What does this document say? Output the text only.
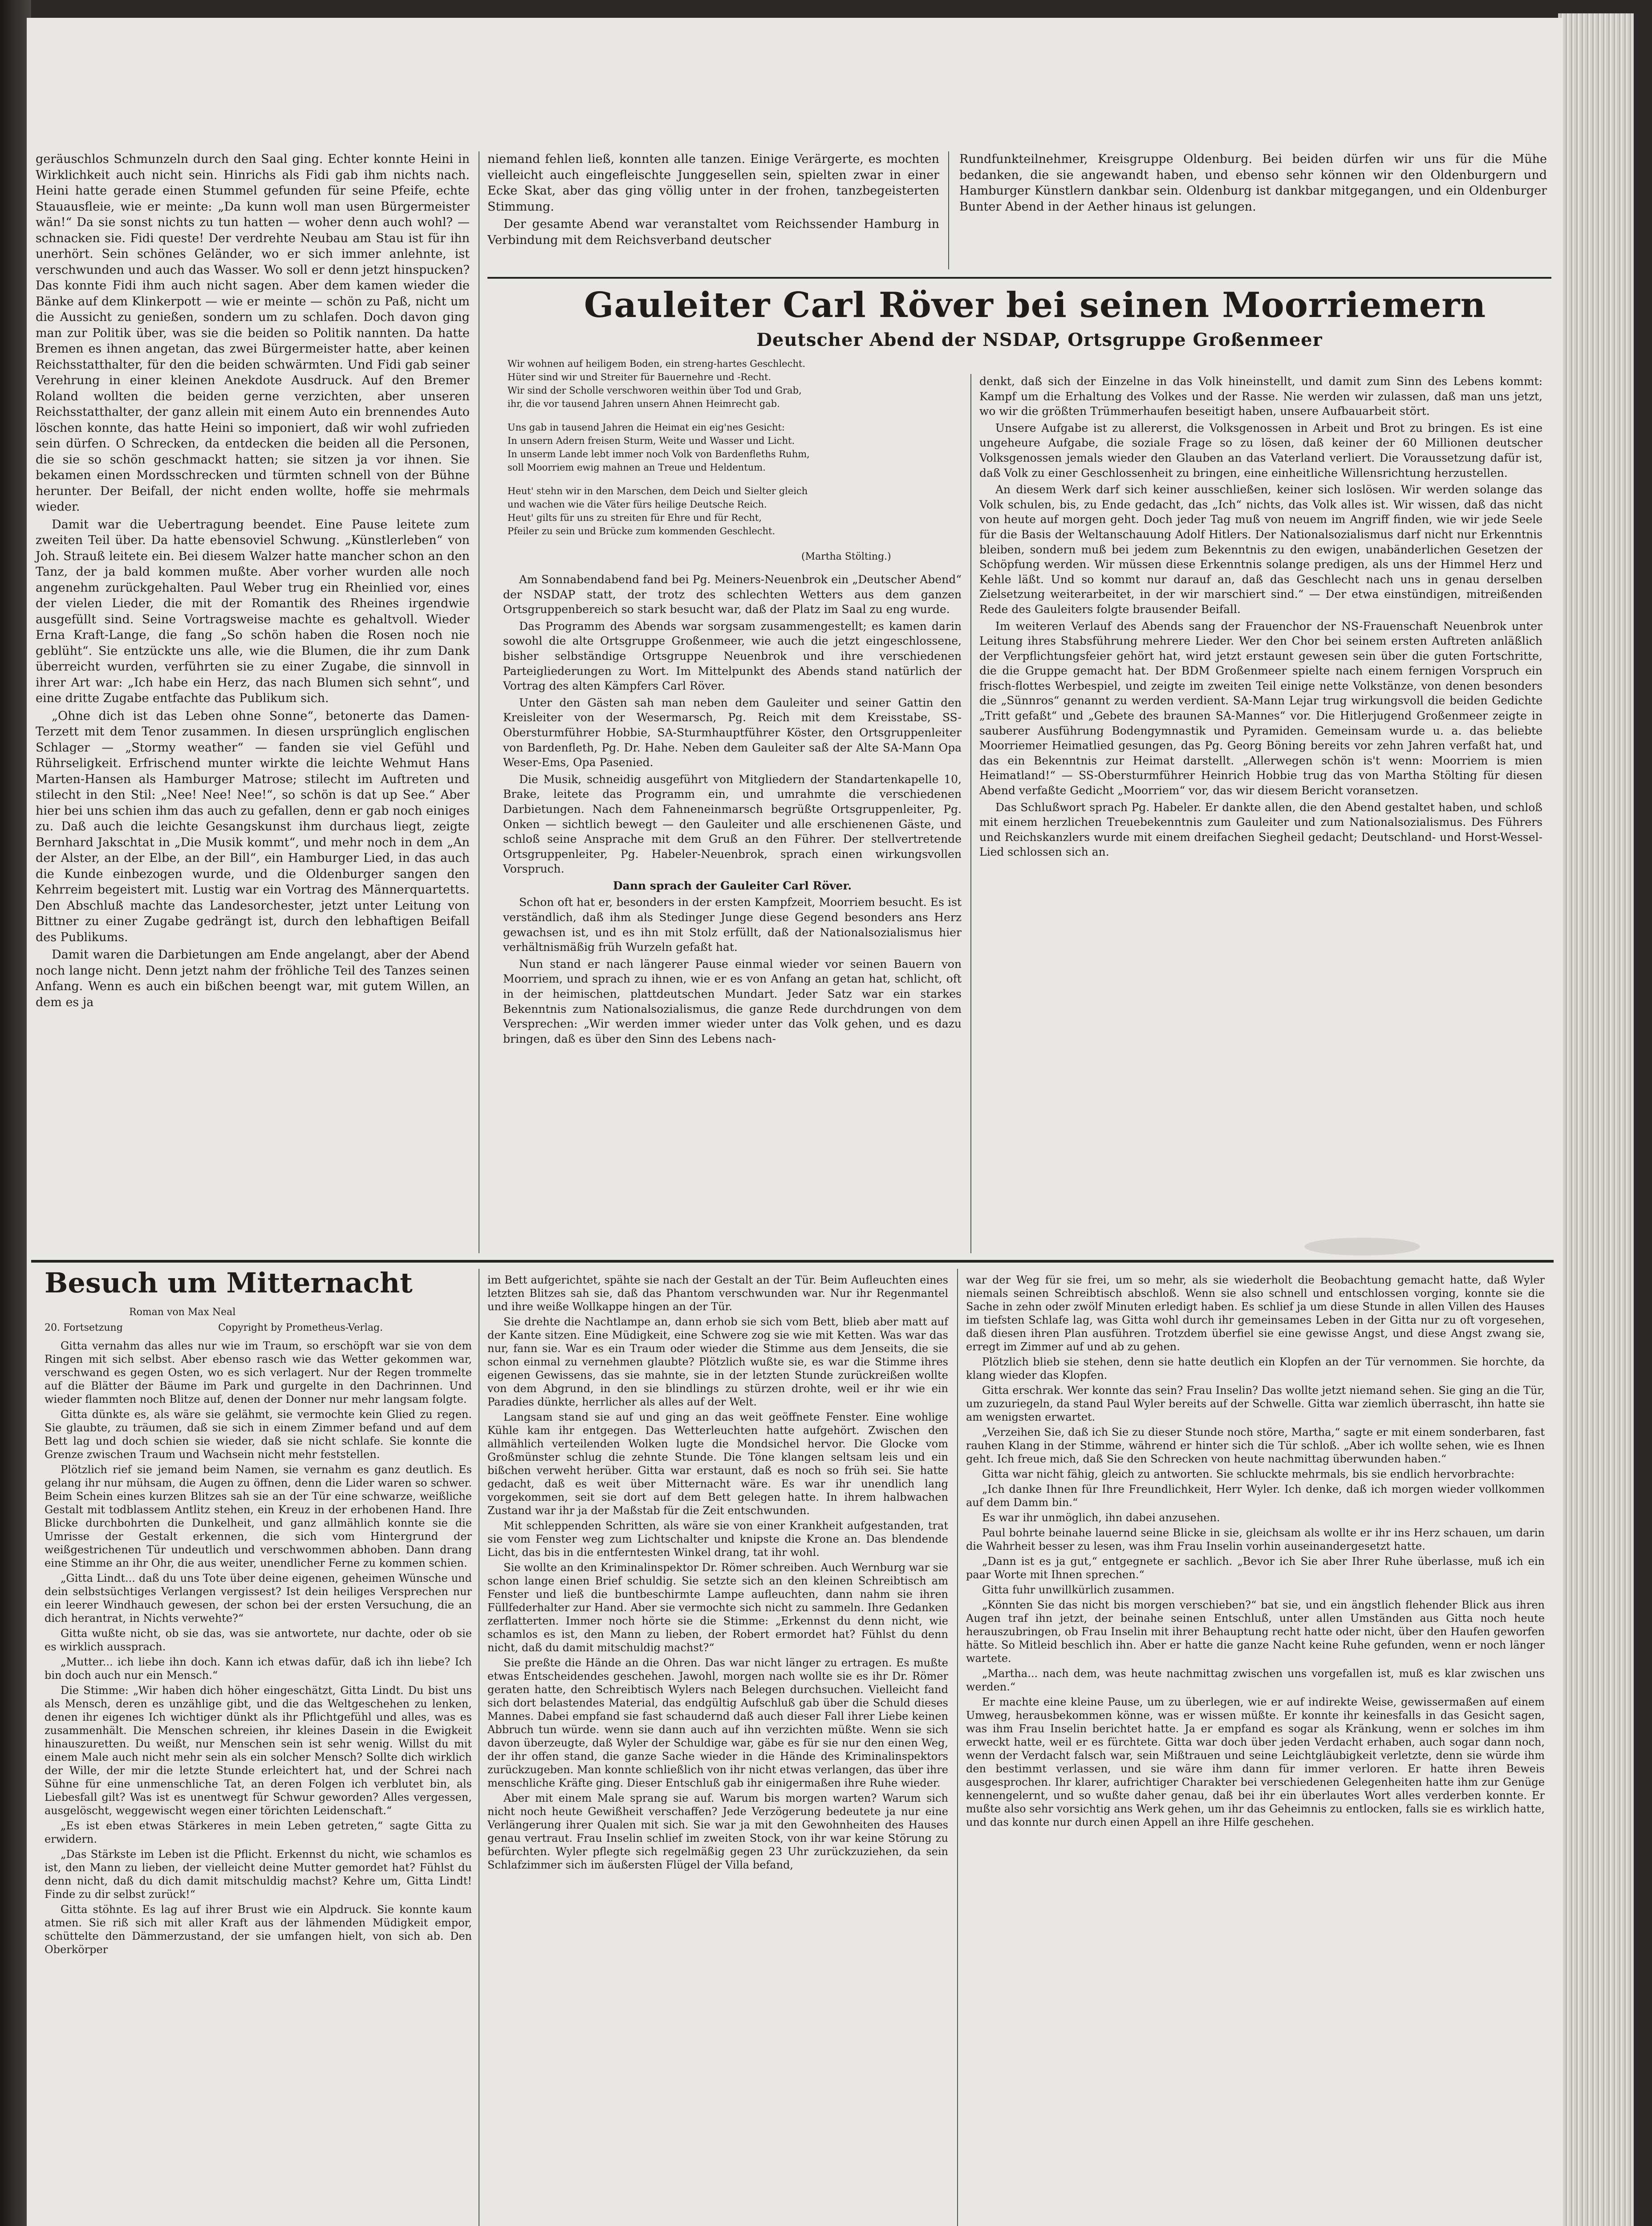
geräuschlos Schmunzeln durch den Saal ging. Echter konnte Heini in Wirklichkeit auch nicht sein. Hinrichs als Fidi gab ihm nichts nach. Heini hatte gerade einen Stummel gefunden für seine Pfeife, echte Stauausfleie, wie er meinte: „Da kunn woll man usen Bürgermeister wän!“ Da sie sonst nichts zu tun hatten — woher denn auch wohl? — schnacken sie. Fidi queste! Der verdrehte Neubau am Stau ist für ihn unerhört. Sein schönes Geländer, wo er sich immer anlehnte, ist verschwunden und auch das Wasser. Wo soll er denn jetzt hinspucken? Das konnte Fidi ihm auch nicht sagen. Aber dem kamen wieder die Bänke auf dem Klinkerpott — wie er meinte — schön zu Paß, nicht um die Aussicht zu genießen, sondern um zu schlafen. Doch davon ging man zur Politik über, was sie die beiden so Politik nannten. Da hatte Bremen es ihnen angetan, das zwei Bürgermeister hatte, aber keinen Reichsstatthalter, für den die beiden schwärmten. Und Fidi gab seiner Verehrung in einer kleinen Anekdote Ausdruck. Auf den Bremer Roland wollten die beiden gerne verzichten, aber unseren Reichsstatthalter, der ganz allein mit einem Auto ein brennendes Auto löschen konnte, das hatte Heini so imponiert, daß wir wohl zufrieden sein dürfen. O Schrecken, da entdecken die beiden all die Personen, die sie so schön geschmackt hatten; sie sitzen ja vor ihnen. Sie bekamen einen Mordsschrecken und türmten schnell von der Bühne herunter. Der Beifall, der nicht enden wollte, hoffe sie mehrmals wieder.

Damit war die Uebertragung beendet. Eine Pause leitete zum zweiten Teil über. Da hatte ebensoviel Schwung. „Künstlerleben“ von Joh. Strauß leitete ein. Bei diesem Walzer hatte mancher schon an den Tanz, der ja bald kommen mußte. Aber vorher wurden alle noch angenehm zurückgehalten. Paul Weber trug ein Rheinlied vor, eines der vielen Lieder, die mit der Romantik des Rheines irgendwie ausgefüllt sind. Seine Vortragsweise machte es gehaltvoll. Wieder Erna Kraft-Lange, die fang „So schön haben die Rosen noch nie geblüht“. Sie entzückte uns alle, wie die Blumen, die ihr zum Dank überreicht wurden, verführten sie zu einer Zugabe, die sinnvoll in ihrer Art war: „Ich habe ein Herz, das nach Blumen sich sehnt“, und eine dritte Zugabe entfachte das Publikum sich.

„Ohne dich ist das Leben ohne Sonne“, betonerte das Damen-Terzett mit dem Tenor zusammen. In diesen ursprünglich englischen Schlager — „Stormy weather“ — fanden sie viel Gefühl und Rührseligkeit. Erfrischend munter wirkte die leichte Wehmut Hans Marten-Hansen als Hamburger Matrose; stilecht im Auftreten und stilecht in den Stil: „Nee! Nee! Nee!“, so schön is dat up See.“ Aber hier bei uns schien ihm das auch zu gefallen, denn er gab noch einiges zu. Daß auch die leichte Gesangskunst ihm durchaus liegt, zeigte Bernhard Jakschtat in „Die Musik kommt“, und mehr noch in dem „An der Alster, an der Elbe, an der Bill“, ein Hamburger Lied, in das auch die Kunde einbezogen wurde, und die Oldenburger sangen den Kehrreim begeistert mit. Lustig war ein Vortrag des Männerquartetts. Den Abschluß machte das Landesorchester, jetzt unter Leitung von Bittner zu einer Zugabe gedrängt ist, durch den lebhaftigen Beifall des Publikums.

Damit waren die Darbietungen am Ende angelangt, aber der Abend noch lange nicht. Denn jetzt nahm der fröhliche Teil des Tanzes seinen Anfang. Wenn es auch ein bißchen beengt war, mit gutem Willen, an dem es ja

niemand fehlen ließ, konnten alle tanzen. Einige Verärgerte, es mochten vielleicht auch eingefleischte Junggesellen sein, spielten zwar in einer Ecke Skat, aber das ging völlig unter in der frohen, tanzbegeisterten Stimmung.

Der gesamte Abend war veranstaltet vom Reichssender Hamburg in Verbindung mit dem Reichsverband deutscher

Rundfunkteilnehmer, Kreisgruppe Oldenburg. Bei beiden dürfen wir uns für die Mühe bedanken, die sie angewandt haben, und ebenso sehr können wir den Oldenburgern und Hamburger Künstlern dankbar sein. Oldenburg ist dankbar mitgegangen, und ein Oldenburger Bunter Abend in der Aether hinaus ist gelungen.

Gauleiter Carl Röver bei seinen Moorriemern
Deutscher Abend der NSDAP, Ortsgruppe Großenmeer
Wir wohnen auf heiligem Boden, ein streng-hartes Geschlecht.
Hüter sind wir und Streiter für Bauernehre und -Recht.
Wir sind der Scholle verschworen weithin über Tod und Grab,
ihr, die vor tausend Jahren unsern Ahnen Heimrecht gab.
Uns gab in tausend Jahren die Heimat ein eig'nes Gesicht:
In unsern Adern freisen Sturm, Weite und Wasser und Licht.
In unserm Lande lebt immer noch Volk von Bardenfleths Ruhm,
soll Moorriem ewig mahnen an Treue und Heldentum.
Heut' stehn wir in den Marschen, dem Deich und Sielter gleich
und wachen wie die Väter fürs heilige Deutsche Reich.
Heut' gilts für uns zu streiten für Ehre und für Recht,
Pfeiler zu sein und Brücke zum kommenden Geschlecht.
(Martha Stölting.)

Am Sonnabendabend fand bei Pg. Meiners-Neuenbrok ein „Deutscher Abend“ der NSDAP statt, der trotz des schlechten Wetters aus dem ganzen Ortsgruppenbereich so stark besucht war, daß der Platz im Saal zu eng wurde.

Das Programm des Abends war sorgsam zusammengestellt; es kamen darin sowohl die alte Ortsgruppe Großenmeer, wie auch die jetzt eingeschlossene, bisher selbständige Ortsgruppe Neuenbrok und ihre verschiedenen Parteigliederungen zu Wort. Im Mittelpunkt des Abends stand natürlich der Vortrag des alten Kämpfers Carl Röver.

Unter den Gästen sah man neben dem Gauleiter und seiner Gattin den Kreisleiter von der Wesermarsch, Pg. Reich mit dem Kreisstabe, SS-Obersturmführer Hobbie, SA-Sturmhauptführer Köster, den Ortsgruppenleiter von Bardenfleth, Pg. Dr. Hahe. Neben dem Gauleiter saß der Alte SA-Mann Opa Weser-Ems, Opa Pasenied.

Die Musik, schneidig ausgeführt von Mitgliedern der Standartenkapelle 10, Brake, leitete das Programm ein, und umrahmte die verschiedenen Darbietungen. Nach dem Fahneneinmarsch begrüßte Ortsgruppenleiter, Pg. Onken — sichtlich bewegt — den Gauleiter und alle erschienenen Gäste, und schloß seine Ansprache mit dem Gruß an den Führer. Der stellvertretende Ortsgruppenleiter, Pg. Habeler-Neuenbrok, sprach einen wirkungsvollen Vorspruch.

Dann sprach der Gauleiter Carl Röver.

Schon oft hat er, besonders in der ersten Kampfzeit, Moorriem besucht. Es ist verständlich, daß ihm als Stedinger Junge diese Gegend besonders ans Herz gewachsen ist, und es ihn mit Stolz erfüllt, daß der Nationalsozialismus hier verhältnismäßig früh Wurzeln gefaßt hat.

Nun stand er nach längerer Pause einmal wieder vor seinen Bauern von Moorriem, und sprach zu ihnen, wie er es von Anfang an getan hat, schlicht, oft in der heimischen, plattdeutschen Mundart. Jeder Satz war ein starkes Bekenntnis zum Nationalsozialismus, die ganze Rede durchdrungen von dem Versprechen: „Wir werden immer wieder unter das Volk gehen, und es dazu bringen, daß es über den Sinn des Lebens nach-

denkt, daß sich der Einzelne in das Volk hineinstellt, und damit zum Sinn des Lebens kommt: Kampf um die Erhaltung des Volkes und der Rasse. Nie werden wir zulassen, daß man uns jetzt, wo wir die größten Trümmerhaufen beseitigt haben, unsere Aufbauarbeit stört.

Unsere Aufgabe ist zu allererst, die Volksgenossen in Arbeit und Brot zu bringen. Es ist eine ungeheure Aufgabe, die soziale Frage so zu lösen, daß keiner der 60 Millionen deutscher Volksgenossen jemals wieder den Glauben an das Vaterland verliert. Die Voraussetzung dafür ist, daß Volk zu einer Geschlossenheit zu bringen, eine einheitliche Willensrichtung herzustellen.

An diesem Werk darf sich keiner ausschließen, keiner sich loslösen. Wir werden solange das Volk schulen, bis, zu Ende gedacht, das „Ich“ nichts, das Volk alles ist. Wir wissen, daß das nicht von heute auf morgen geht. Doch jeder Tag muß von neuem im Angriff finden, wie wir jede Seele für die Basis der Weltanschauung Adolf Hitlers. Der Nationalsozialismus darf nicht nur Erkenntnis bleiben, sondern muß bei jedem zum Bekenntnis zu den ewigen, unabänderlichen Gesetzen der Schöpfung werden. Wir müssen diese Erkenntnis solange predigen, als uns der Himmel Herz und Kehle läßt. Und so kommt nur darauf an, daß das Geschlecht nach uns in genau derselben Zielsetzung weiterarbeitet, in der wir marschiert sind.“ — Der etwa einstündigen, mitreißenden Rede des Gauleiters folgte brausender Beifall.

Im weiteren Verlauf des Abends sang der Frauenchor der NS-Frauenschaft Neuenbrok unter Leitung ihres Stabsführung mehrere Lieder. Wer den Chor bei seinem ersten Auftreten anläßlich der Verpflichtungsfeier gehört hat, wird jetzt erstaunt gewesen sein über die guten Fortschritte, die die Gruppe gemacht hat. Der BDM Großenmeer spielte nach einem fernigen Vorspruch ein frisch-flottes Werbespiel, und zeigte im zweiten Teil einige nette Volkstänze, von denen besonders die „Sünnros“ genannt zu werden verdient. SA-Mann Lejar trug wirkungsvoll die beiden Gedichte „Tritt gefaßt“ und „Gebete des braunen SA-Mannes“ vor. Die Hitlerjugend Großenmeer zeigte in sauberer Ausführung Bodengymnastik und Pyramiden. Gemeinsam wurde u. a. das beliebte Moorriemer Heimatlied gesungen, das Pg. Georg Böning bereits vor zehn Jahren verfaßt hat, und das ein Bekenntnis zur Heimat darstellt. „Allerwegen schön is't wenn: Moorriem is mien Heimatland!“ — SS-Obersturmführer Heinrich Hobbie trug das von Martha Stölting für diesen Abend verfaßte Gedicht „Moorriem“ vor, das wir diesem Bericht voransetzen.

Das Schlußwort sprach Pg. Habeler. Er dankte allen, die den Abend gestaltet haben, und schloß mit einem herzlichen Treuebekenntnis zum Gauleiter und zum Nationalsozialismus. Des Führers und Reichskanzlers wurde mit einem dreifachen Siegheil gedacht; Deutschland- und Horst-Wessel-Lied schlossen sich an.

Besuch um Mitternacht
Roman von Max Neal
20. Fortsetzung	Copyright by Prometheus-Verlag.

Gitta vernahm das alles nur wie im Traum, so erschöpft war sie von dem Ringen mit sich selbst. Aber ebenso rasch wie das Wetter gekommen war, verschwand es gegen Osten, wo es sich verlagert. Nur der Regen trommelte auf die Blätter der Bäume im Park und gurgelte in den Dachrinnen. Und wieder flammten noch Blitze auf, denen der Donner nur mehr langsam folgte.

Gitta dünkte es, als wäre sie gelähmt, sie vermochte kein Glied zu regen. Sie glaubte, zu träumen, daß sie sich in einem Zimmer befand und auf dem Bett lag und doch schien sie wieder, daß sie nicht schlafe. Sie konnte die Grenze zwischen Traum und Wachsein nicht mehr feststellen.

Plötzlich rief sie jemand beim Namen, sie vernahm es ganz deutlich. Es gelang ihr nur mühsam, die Augen zu öffnen, denn die Lider waren so schwer. Beim Schein eines kurzen Blitzes sah sie an der Tür eine schwarze, weißliche Gestalt mit todblassem Antlitz stehen, ein Kreuz in der erhobenen Hand. Ihre Blicke durchbohrten die Dunkelheit, und ganz allmählich konnte sie die Umrisse der Gestalt erkennen, die sich vom Hintergrund der weißgestrichenen Tür undeutlich und verschwommen abhoben. Dann drang eine Stimme an ihr Ohr, die aus weiter, unendlicher Ferne zu kommen schien.

„Gitta Lindt... daß du uns Tote über deine eigenen, geheimen Wünsche und dein selbstsüchtiges Verlangen vergissest? Ist dein heiliges Versprechen nur ein leerer Windhauch gewesen, der schon bei der ersten Versuchung, die an dich herantrat, in Nichts verwehte?“

Gitta wußte nicht, ob sie das, was sie antwortete, nur dachte, oder ob sie es wirklich aussprach.

„Mutter... ich liebe ihn doch. Kann ich etwas dafür, daß ich ihn liebe? Ich bin doch auch nur ein Mensch.“

Die Stimme: „Wir haben dich höher eingeschätzt, Gitta Lindt. Du bist uns als Mensch, deren es unzählige gibt, und die das Weltgeschehen zu lenken, denen ihr eigenes Ich wichtiger dünkt als ihr Pflichtgefühl und alles, was es zusammenhält. Die Menschen schreien, ihr kleines Dasein in die Ewigkeit hinauszuretten. Du weißt, nur Menschen sein ist sehr wenig. Willst du mit einem Male auch nicht mehr sein als ein solcher Mensch? Sollte dich wirklich der Wille, der mir die letzte Stunde erleichtert hat, und der Schrei nach Sühne für eine unmenschliche Tat, an deren Folgen ich verblutet bin, als Liebesfall gilt? Was ist es unentwegt für Schwur geworden? Alles vergessen, ausgelöscht, weggewischt wegen einer törichten Leidenschaft.“

„Es ist eben etwas Stärkeres in mein Leben getreten,“ sagte Gitta zu erwidern.

„Das Stärkste im Leben ist die Pflicht. Erkennst du nicht, wie schamlos es ist, den Mann zu lieben, der vielleicht deine Mutter gemordet hat? Fühlst du denn nicht, daß du dich damit mitschuldig machst? Kehre um, Gitta Lindt! Finde zu dir selbst zurück!“

Gitta stöhnte. Es lag auf ihrer Brust wie ein Alpdruck. Sie konnte kaum atmen. Sie riß sich mit aller Kraft aus der lähmenden Müdigkeit empor, schüttelte den Dämmerzustand, der sie umfangen hielt, von sich ab. Den Oberkörper

im Bett aufgerichtet, spähte sie nach der Gestalt an der Tür. Beim Aufleuchten eines letzten Blitzes sah sie, daß das Phantom verschwunden war. Nur ihr Regenmantel und ihre weiße Wollkappe hingen an der Tür.

Sie drehte die Nachtlampe an, dann erhob sie sich vom Bett, blieb aber matt auf der Kante sitzen. Eine Müdigkeit, eine Schwere zog sie wie mit Ketten. Was war das nur, fann sie. War es ein Traum oder wieder die Stimme aus dem Jenseits, die sie schon einmal zu vernehmen glaubte? Plötzlich wußte sie, es war die Stimme ihres eigenen Gewissens, das sie mahnte, sie in der letzten Stunde zurückreißen wollte von dem Abgrund, in den sie blindlings zu stürzen drohte, weil er ihr wie ein Paradies dünkte, herrlicher als alles auf der Welt.

Langsam stand sie auf und ging an das weit geöffnete Fenster. Eine wohlige Kühle kam ihr entgegen. Das Wetterleuchten hatte aufgehört. Zwischen den allmählich verteilenden Wolken lugte die Mondsichel hervor. Die Glocke vom Großmünster schlug die zehnte Stunde. Die Töne klangen seltsam leis und ein bißchen verweht herüber. Gitta war erstaunt, daß es noch so früh sei. Sie hatte gedacht, daß es weit über Mitternacht wäre. Es war ihr unendlich lang vorgekommen, seit sie dort auf dem Bett gelegen hatte. In ihrem halbwachen Zustand war ihr ja der Maßstab für die Zeit entschwunden.

Mit schleppenden Schritten, als wäre sie von einer Krankheit aufgestanden, trat sie vom Fenster weg zum Lichtschalter und knipste die Krone an. Das blendende Licht, das bis in die entferntesten Winkel drang, tat ihr wohl.

Sie wollte an den Kriminalinspektor Dr. Römer schreiben. Auch Wernburg war sie schon lange einen Brief schuldig. Sie setzte sich an den kleinen Schreibtisch am Fenster und ließ die buntbeschirmte Lampe aufleuchten, dann nahm sie ihren Füllfederhalter zur Hand. Aber sie vermochte sich nicht zu sammeln. Ihre Gedanken zerflatterten. Immer noch hörte sie die Stimme: „Erkennst du denn nicht, wie schamlos es ist, den Mann zu lieben, der Robert ermordet hat? Fühlst du denn nicht, daß du damit mitschuldig machst?“

Sie preßte die Hände an die Ohren. Das war nicht länger zu ertragen. Es mußte etwas Entscheidendes geschehen. Jawohl, morgen nach wollte sie es ihr Dr. Römer geraten hatte, den Schreibtisch Wylers nach Belegen durchsuchen. Vielleicht fand sich dort belastendes Material, das endgültig Aufschluß gab über die Schuld dieses Mannes. Dabei empfand sie fast schaudernd daß auch dieser Fall ihrer Liebe keinen Abbruch tun würde. wenn sie dann auch auf ihn verzichten müßte. Wenn sie sich davon überzeugte, daß Wyler der Schuldige war, gäbe es für sie nur den einen Weg, der ihr offen stand, die ganze Sache wieder in die Hände des Kriminalinspektors zurückzugeben. Man konnte schließlich von ihr nicht etwas verlangen, das über ihre menschliche Kräfte ging. Dieser Entschluß gab ihr einigermaßen ihre Ruhe wieder.

Aber mit einem Male sprang sie auf. Warum bis morgen warten? Warum sich nicht noch heute Gewißheit verschaffen? Jede Verzögerung bedeutete ja nur eine Verlängerung ihrer Qualen mit sich. Sie war ja mit den Gewohnheiten des Hauses genau vertraut. Frau Inselin schlief im zweiten Stock, von ihr war keine Störung zu befürchten. Wyler pflegte sich regelmäßig gegen 23 Uhr zurückzuziehen, da sein Schlafzimmer sich im äußersten Flügel der Villa befand,

war der Weg für sie frei, um so mehr, als sie wiederholt die Beobachtung gemacht hatte, daß Wyler niemals seinen Schreibtisch abschloß. Wenn sie also schnell und entschlossen vorging, konnte sie die Sache in zehn oder zwölf Minuten erledigt haben. Es schlief ja um diese Stunde in allen Villen des Hauses im tiefsten Schlafe lag, was Gitta wohl durch ihr gemeinsames Leben in der Gitta nur zu oft vorgesehen, daß diesen ihren Plan ausführen. Trotzdem überfiel sie eine gewisse Angst, und diese Angst zwang sie, erregt im Zimmer auf und ab zu gehen.

Plötzlich blieb sie stehen, denn sie hatte deutlich ein Klopfen an der Tür vernommen. Sie horchte, da klang wieder das Klopfen.

Gitta erschrak. Wer konnte das sein? Frau Inselin? Das wollte jetzt niemand sehen. Sie ging an die Tür, um zuzuriegeln, da stand Paul Wyler bereits auf der Schwelle. Gitta war ziemlich überrascht, ihn hatte sie am wenigsten erwartet.

„Verzeihen Sie, daß ich Sie zu dieser Stunde noch störe, Martha,“ sagte er mit einem sonderbaren, fast rauhen Klang in der Stimme, während er hinter sich die Tür schloß. „Aber ich wollte sehen, wie es Ihnen geht. Ich freue mich, daß Sie den Schrecken von heute nachmittag überwunden haben.“

Gitta war nicht fähig, gleich zu antworten. Sie schluckte mehrmals, bis sie endlich hervorbrachte:

„Ich danke Ihnen für Ihre Freundlichkeit, Herr Wyler. Ich denke, daß ich morgen wieder vollkommen auf dem Damm bin.“

Es war ihr unmöglich, ihn dabei anzusehen.

Paul bohrte beinahe lauernd seine Blicke in sie, gleichsam als wollte er ihr ins Herz schauen, um darin die Wahrheit besser zu lesen, was ihm Frau Inselin vorhin auseinandergesetzt hatte.

„Dann ist es ja gut,“ entgegnete er sachlich. „Bevor ich Sie aber Ihrer Ruhe überlasse, muß ich ein paar Worte mit Ihnen sprechen.“

Gitta fuhr unwillkürlich zusammen.

„Könnten Sie das nicht bis morgen verschieben?“ bat sie, und ein ängstlich flehender Blick aus ihren Augen traf ihn jetzt, der beinahe seinen Entschluß, unter allen Umständen aus Gitta noch heute herauszubringen, ob Frau Inselin mit ihrer Behauptung recht hatte oder nicht, über den Haufen geworfen hätte. So Mitleid beschlich ihn. Aber er hatte die ganze Nacht keine Ruhe gefunden, wenn er noch länger wartete.

„Martha... nach dem, was heute nachmittag zwischen uns vorgefallen ist, muß es klar zwischen uns werden.“

Er machte eine kleine Pause, um zu überlegen, wie er auf indirekte Weise, gewissermaßen auf einem Umweg, herausbekommen könne, was er wissen müßte. Er konnte ihr keinesfalls in das Gesicht sagen, was ihm Frau Inselin berichtet hatte. Ja er empfand es sogar als Kränkung, wenn er solches im ihm erweckt hatte, weil er es fürchtete. Gitta war doch über jeden Verdacht erhaben, auch sogar dann noch, wenn der Verdacht falsch war, sein Mißtrauen und seine Leichtgläubigkeit verletzte, denn sie würde ihm den bestimmt verlassen, und sie wäre ihm dann für immer verloren. Er hatte ihren Beweis ausgesprochen. Ihr klarer, aufrichtiger Charakter bei verschiedenen Gelegenheiten hatte ihm zur Genüge kennengelernt, und so wußte daher genau, daß bei ihr ein überlautes Wort alles verderben konnte. Er mußte also sehr vorsichtig ans Werk gehen, um ihr das Geheimnis zu entlocken, falls sie es wirklich hatte, und das konnte nur durch einen Appell an ihre Hilfe geschehen.
